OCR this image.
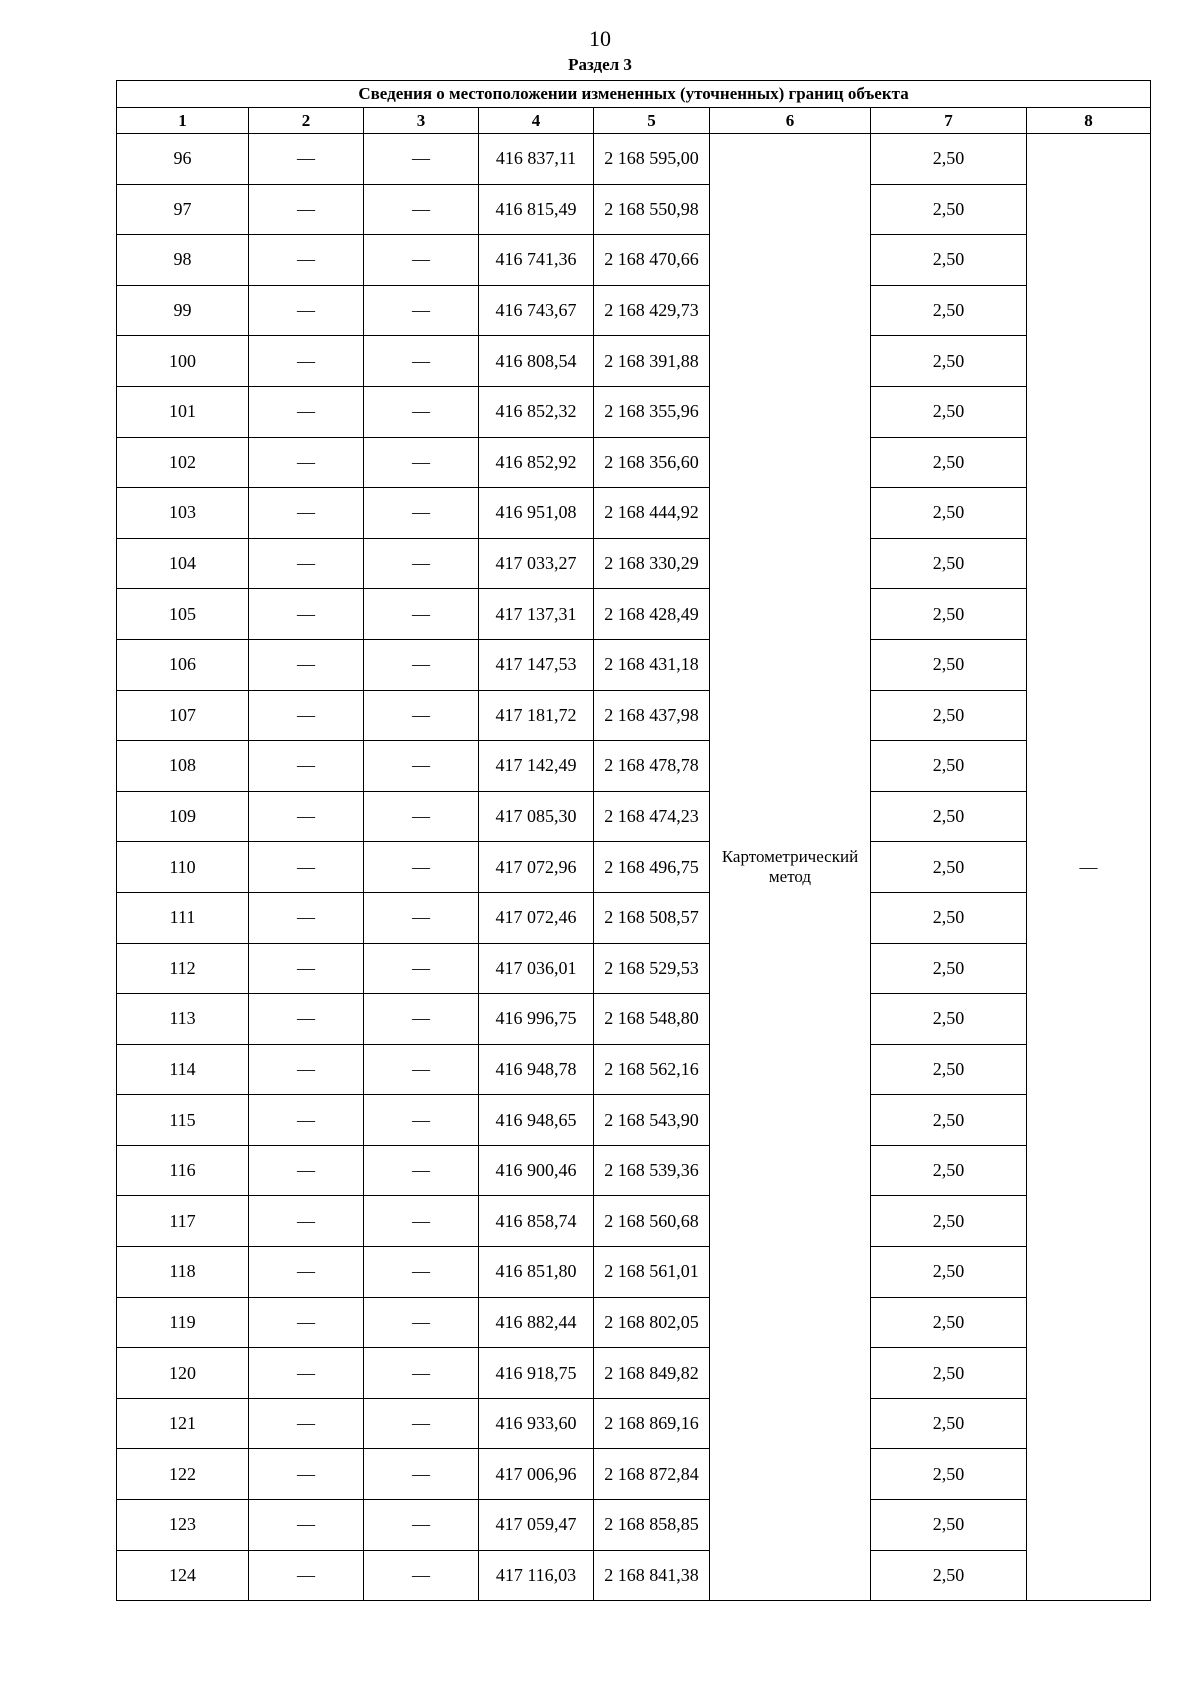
10
Раздел 3
Сведения о местоположении измененных (уточненных) границ объекта							
1	2	3	4	5	6	7	8
96	—	—	416 837,11	2 168 595,00	Картометрический метод	2,50	—
97	—	—	416 815,49	2 168 550,98		2,50	
98	—	—	416 741,36	2 168 470,66		2,50	
99	—	—	416 743,67	2 168 429,73		2,50	
100	—	—	416 808,54	2 168 391,88		2,50	
101	—	—	416 852,32	2 168 355,96		2,50	
102	—	—	416 852,92	2 168 356,60		2,50	
103	—	—	416 951,08	2 168 444,92		2,50	
104	—	—	417 033,27	2 168 330,29		2,50	
105	—	—	417 137,31	2 168 428,49		2,50	
106	—	—	417 147,53	2 168 431,18		2,50	
107	—	—	417 181,72	2 168 437,98		2,50	
108	—	—	417 142,49	2 168 478,78		2,50	
109	—	—	417 085,30	2 168 474,23		2,50	
110	—	—	417 072,96	2 168 496,75		2,50	
111	—	—	417 072,46	2 168 508,57		2,50	
112	—	—	417 036,01	2 168 529,53		2,50	
113	—	—	416 996,75	2 168 548,80		2,50	
114	—	—	416 948,78	2 168 562,16		2,50	
115	—	—	416 948,65	2 168 543,90		2,50	
116	—	—	416 900,46	2 168 539,36		2,50	
117	—	—	416 858,74	2 168 560,68		2,50	
118	—	—	416 851,80	2 168 561,01		2,50	
119	—	—	416 882,44	2 168 802,05		2,50	
120	—	—	416 918,75	2 168 849,82		2,50	
121	—	—	416 933,60	2 168 869,16		2,50	
122	—	—	417 006,96	2 168 872,84		2,50	
123	—	—	417 059,47	2 168 858,85		2,50	
124	—	—	417 116,03	2 168 841,38		2,50	
